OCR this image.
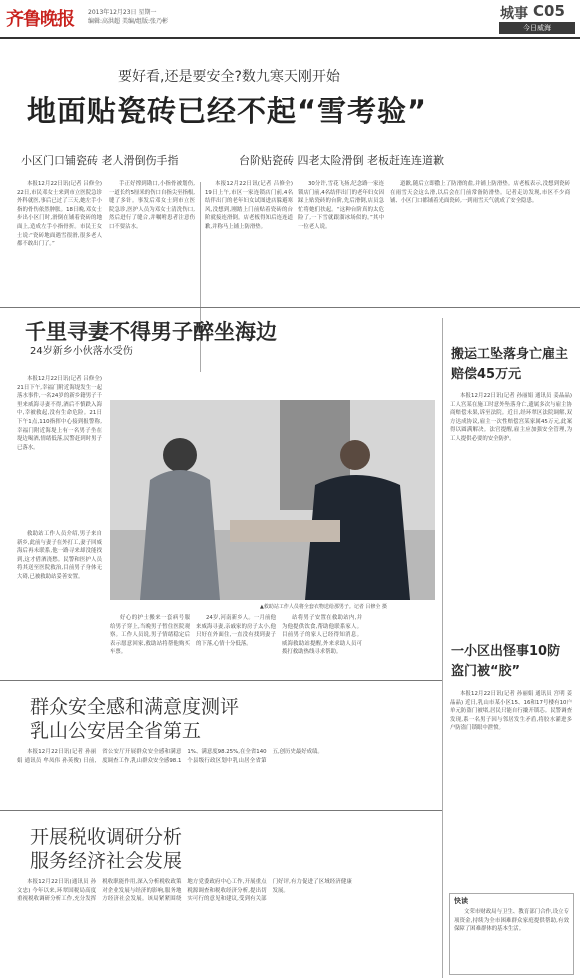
齐鲁晚报 2013年12月23日 星期一
编辑:高洪超 美编/组版:张乃彬	城事 C05
今日威海
要好看,还是要安全?数九寒天刚开始
地面贴瓷砖已经不起“雪考验”
小区门口铺瓷砖 老人滑倒伤手指	台阶贴瓷砖 四老太险滑倒 老板赶连连道歉

本报12月22日讯(记者 吕修全) 22日,市民邓女士来到市立医院急诊外科就医,事后已过了三天,她左手小指的骨伤依然肿胀。18日晚,邓女士步出小区门时,滑倒在铺着瓷砖的地面上,造成左手小指骨折。市民王女士说:“瓷砖地面遇雪很滑,很多老人都不敢出门了。”

手正好撑到勘口,小指骨被划伤,一道长约5厘米的伤口自指尖至指根,缝了多针。事发后邓女士到市立医院急诊,医护人员为邓女士清洗伤口,然后进行了缝合,并嘱咐患者注意伤口不要沾水。

本报12月22日讯(记者 吕修全) 19日上午,市区一家连锁店门前,4名结伴出门的老年妇女试图进店躲避寒风,没想到,刚踏上门前贴着瓷砖的台阶就接连滑倒。店老板得知后连连道歉,并称马上铺上防滑垫。

30分许,雪花飞扬,纪念路一家连锁店门前,4名结伴出门的老年妇女因踩上贴瓷砖的台阶,先后滑倒,店员急忙将她们扶起。“这种台阶真的太危险了,一下雪就跟溜冰场似的。”其中一位老人说。

道歉,随后立即撒上了防滑的盐,并铺上防滑垫。店老板表示,没想到瓷砖在雨雪天会这么滑,以后会在门前常备防滑垫。记者走访发现,市区不少商铺、小区门口都铺着光面瓷砖,一到雨雪天气就成了安全隐患。

千里寻妻不得男子醉坐海边
24岁新乡小伙落水受伤

本报12月22日讯(记者 吕修全) 21日下午,幸福门附近海堤发生一起落水事件,一名24岁的新乡籍男子千里来威海寻妻不得,酒后不慎跌入海中,幸被救起,没有生命危险。21日下午1点,110指挥中心接到报警称,幸福门附近海堤上有一名男子坐在堤边喝酒,情绪低落,民警赶到时男子已落水。

救助站工作人员介绍,男子来自新乡,此前与妻子在外打工,妻子回威海后再未联系,他一路寻来却没能找到,这才借酒浇愁。民警和医护人员将其送至医院救治,目前男子身体无大碍,已被救助站妥善安置。

▲救助站工作人员将全套衣物送给那男子。记者 吕修全 摄

好心的护士搬来一套病号服给男子穿上,当晚男子暂住医院观察。工作人员说,男子情绪稳定后表示愿意回家,救助站将帮他购买车票。

24岁,河南新乡人。一月前他来威海寻妻,亲戚家的房子太小,他只好在外面住,一直没有找到妻子的下落,心情十分低落。

站将男子安置在救助站内,并为他提供饮食,帮助他联系家人。目前男子的家人已经得知消息。威海救助站提醒,外来求助人员可拨打救助热线寻求帮助。

搬运工坠落身亡雇主赔偿45万元

本报12月22日讯(记者 孙丽娟 通讯员 姜晶晶) 工人宫某在施工时意外坠落身亡,遗属多次与雇主协商赔偿未果,诉至法院。近日,经环翠区法院调解,双方达成协议,雇主一次性赔偿宫某家属45万元,此案得以圆满解决。法官提醒,雇主应加强安全管理,为工人提供必要的安全防护。

一小区出怪事10防盗门被“胶”

本报12月22日讯(记者 孙丽娟 通讯员 宫明 姜晶晶) 近日,乳山市某小区15、16和17号楼有10户单元防盗门被堵,居民只能自行撬开锁芯。民警调查发现,系一名男子因与邻居发生矛盾,将胶水灌进多户防盗门锁眼中泄愤。

快读

文荣市财政局与卫生、教育部门合作,设立专项资金,持续为全市困难群众家庭提供帮助,有效保障了困难群体的基本生活。

群众安全感和满意度测评
乳山公安居全省第五

本报12月22日讯(记者 孙丽娟 通讯员 牟凤伟 孙英俊) 日前,省公安厅开展群众安全感和满意度调查工作,乳山群众安全感98.11%、满意度98.25%,在全省140个县级行政区划中乳山居全省第五,创历史最好成绩。

开展税收调研分析
服务经济社会发展

本报12月22日讯(通讯员 孙文忠) 今年以来,环翠国税局高度重视税收调研分析工作,充分发挥税收职能作用,深入分析税收政策对企业发展与经济的影响,服务地方经济社会发展。该局紧紧围绕地方党委政府中心工作,开展重点税源调查和税收经济分析,提出切实可行的意见和建议,受到有关部门好评,有力促进了区域经济健康发展。
